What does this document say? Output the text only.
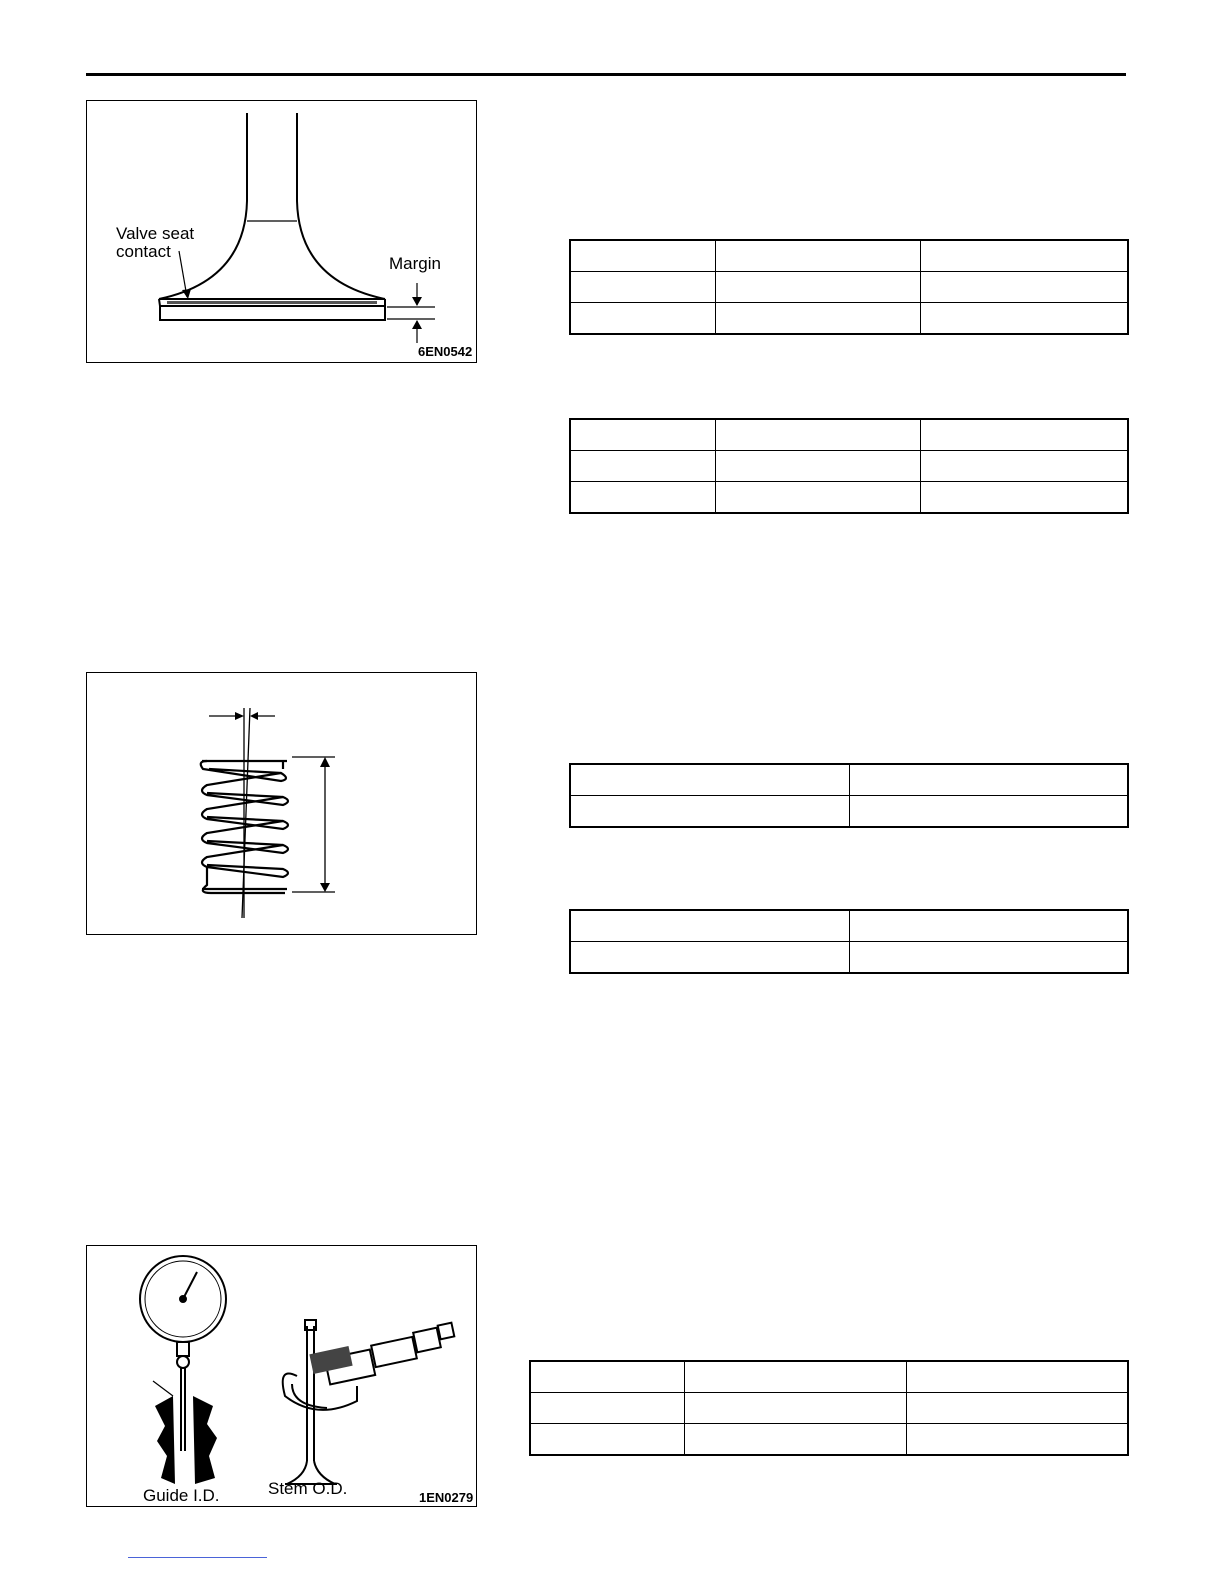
Valve seat
contact
Margin
6EN0542
Guide I.D.	Stem O.D.	1EN0279
